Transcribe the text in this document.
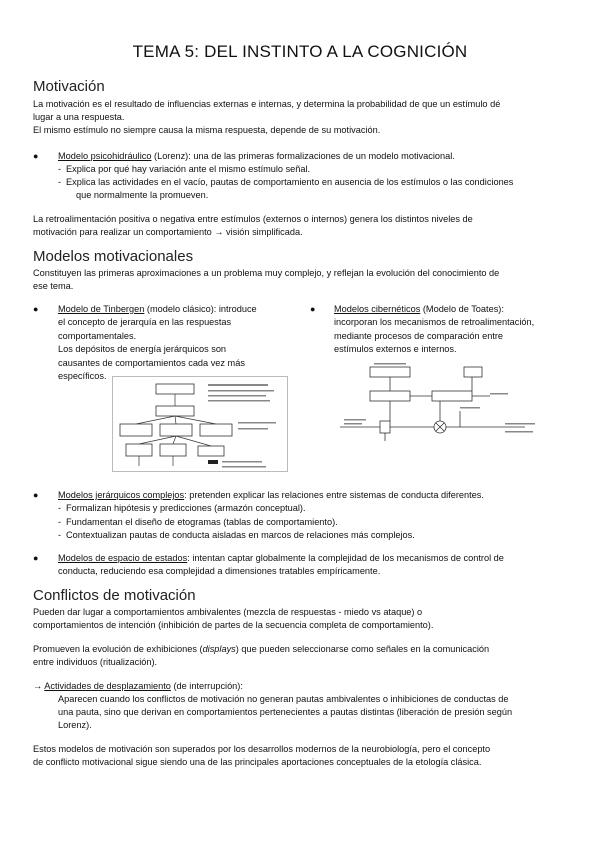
TEMA 5: DEL INSTINTO A LA COGNICIÓN
Motivación
La motivación es el resultado de influencias externas e internas, y determina la probabilidad de que un estímulo dé
lugar a una respuesta.
El mismo estímulo no siempre causa la misma respuesta, depende de su motivación.
●	Modelo psicohidráulico (Lorenz): una de las primeras formalizaciones de un modelo motivacional.
- Explica por qué hay variación ante el mismo estímulo señal.
- Explica las actividades en el vacío, pautas de comportamiento en ausencia de los estímulos o las condiciones
que normalmente la promueven.
La retroalimentación positiva o negativa entre estímulos (externos o internos) genera los distintos niveles de
motivación para realizar un comportamiento → visión simplificada.
Modelos motivacionales
Constituyen las primeras aproximaciones a un problema muy complejo, y reflejan la evolución del conocimiento de
ese tema.
●	Modelo de Tinbergen (modelo clásico): introduce
el concepto de jerarquía en las respuestas
comportamentales.
Los depósitos de energía jerárquicos son
causantes de comportamientos cada vez más
específicos.
●	Modelos cibernéticos (Modelo de Toates):
incorporan los mecanismos de retroalimentación,
mediante procesos de comparación entre
estímulos externos e internos.
●	Modelos jerárquicos complejos: pretenden explicar las relaciones entre sistemas de conducta diferentes.
- Formalizan hipótesis y predicciones (armazón conceptual).
- Fundamentan el diseño de etogramas (tablas de comportamiento).
- Contextualizan pautas de conducta aisladas en marcos de relaciones más complejos.
●	Modelos de espacio de estados: intentan captar globalmente la complejidad de los mecanismos de control de
conducta, reduciendo esa complejidad a dimensiones tratables empíricamente.
Conflictos de motivación
Pueden dar lugar a comportamientos ambivalentes (mezcla de respuestas - miedo vs ataque) o
comportamientos de intención (inhibición de partes de la secuencia completa de comportamiento).
Promueven la evolución de exhibiciones (displays) que pueden seleccionarse como señales en la comunicación
entre individuos (ritualización).
→ Actividades de desplazamiento (de interrupción):
Aparecen cuando los conflictos de motivación no generan pautas ambivalentes o inhibiciones de conductas de
una pauta, sino que derivan en comportamientos pertenecientes a pautas distintas (liberación de presión según
Lorenz).
Estos modelos de motivación son superados por los desarrollos modernos de la neurobiología, pero el concepto
de conflicto motivacional sigue siendo una de las principales aportaciones conceptuales de la etología clásica.
